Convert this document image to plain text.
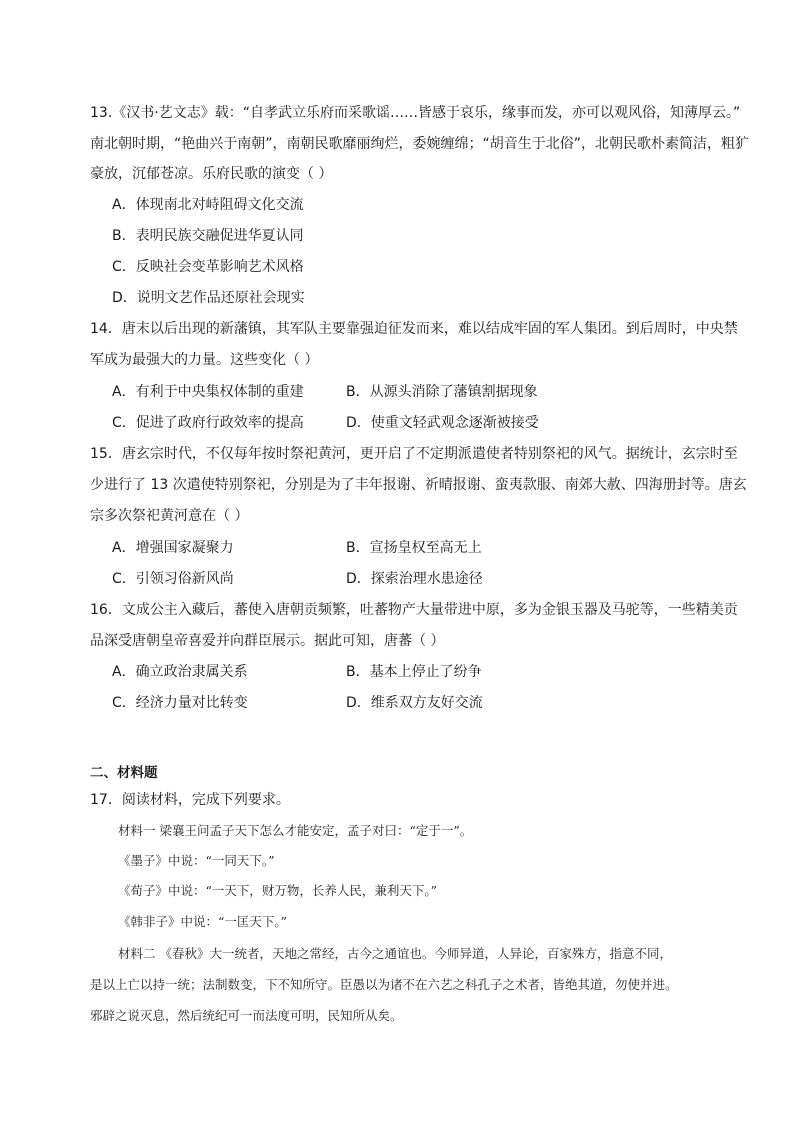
13.《汉书·艺文志》载：“自孝武立乐府而采歌谣……皆感于哀乐，缘事而发，亦可以观风俗，知薄厚云。”
南北朝时期，“艳曲兴于南朝”，南朝民歌靡丽绚烂，委婉缠绵；“胡音生于北俗”，北朝民歌朴素简洁，粗犷
豪放，沉郁苍凉。乐府民歌的演变（ ）
A．体现南北对峙阻碍文化交流
B．表明民族交融促进华夏认同
C．反映社会变革影响艺术风格
D．说明文艺作品还原社会现实
14．唐末以后出现的新藩镇，其军队主要靠强迫征发而来，难以结成牢固的军人集团。到后周时，中央禁
军成为最强大的力量。这些变化（ ）
A．有利于中央集权体制的重建	B．从源头消除了藩镇割据现象
C．促进了政府行政效率的提高	D．使重文轻武观念逐渐被接受
15．唐玄宗时代，不仅每年按时祭祀黄河，更开启了不定期派遣使者特别祭祀的风气。据统计，玄宗时至
少进行了 13 次遣使特别祭祀，分别是为了丰年报谢、祈晴报谢、蛮夷款服、南郊大赦、四海册封等。唐玄
宗多次祭祀黄河意在（ ）
A．增强国家凝聚力	B．宣扬皇权至高无上
C．引领习俗新风尚	D．探索治理水患途径
16．文成公主入藏后，蕃使入唐朝贡频繁，吐蕃物产大量带进中原，多为金银玉器及马驼等，一些精美贡
品深受唐朝皇帝喜爱并向群臣展示。据此可知，唐蕃（ ）
A．确立政治隶属关系	B．基本上停止了纷争
C．经济力量对比转变	D．维系双方友好交流
二、材料题
17．阅读材料，完成下列要求。
材料一 梁襄王问孟子天下怎么才能安定，孟子对曰：“定于一”。
《墨子》中说：“一同天下。”
《荀子》中说：“一天下，财万物，长养人民，兼利天下。”
《韩非子》中说：“一匡天下。”
材料二 《春秋》大一统者，天地之常经，古今之通谊也。今师异道，人异论，百家殊方，指意不同，
是以上亡以持一统；法制数变，下不知所守。臣愚以为诸不在六艺之科孔子之术者，皆绝其道，勿使并进。
邪辟之说灭息，然后统纪可一而法度可明，民知所从矣。
